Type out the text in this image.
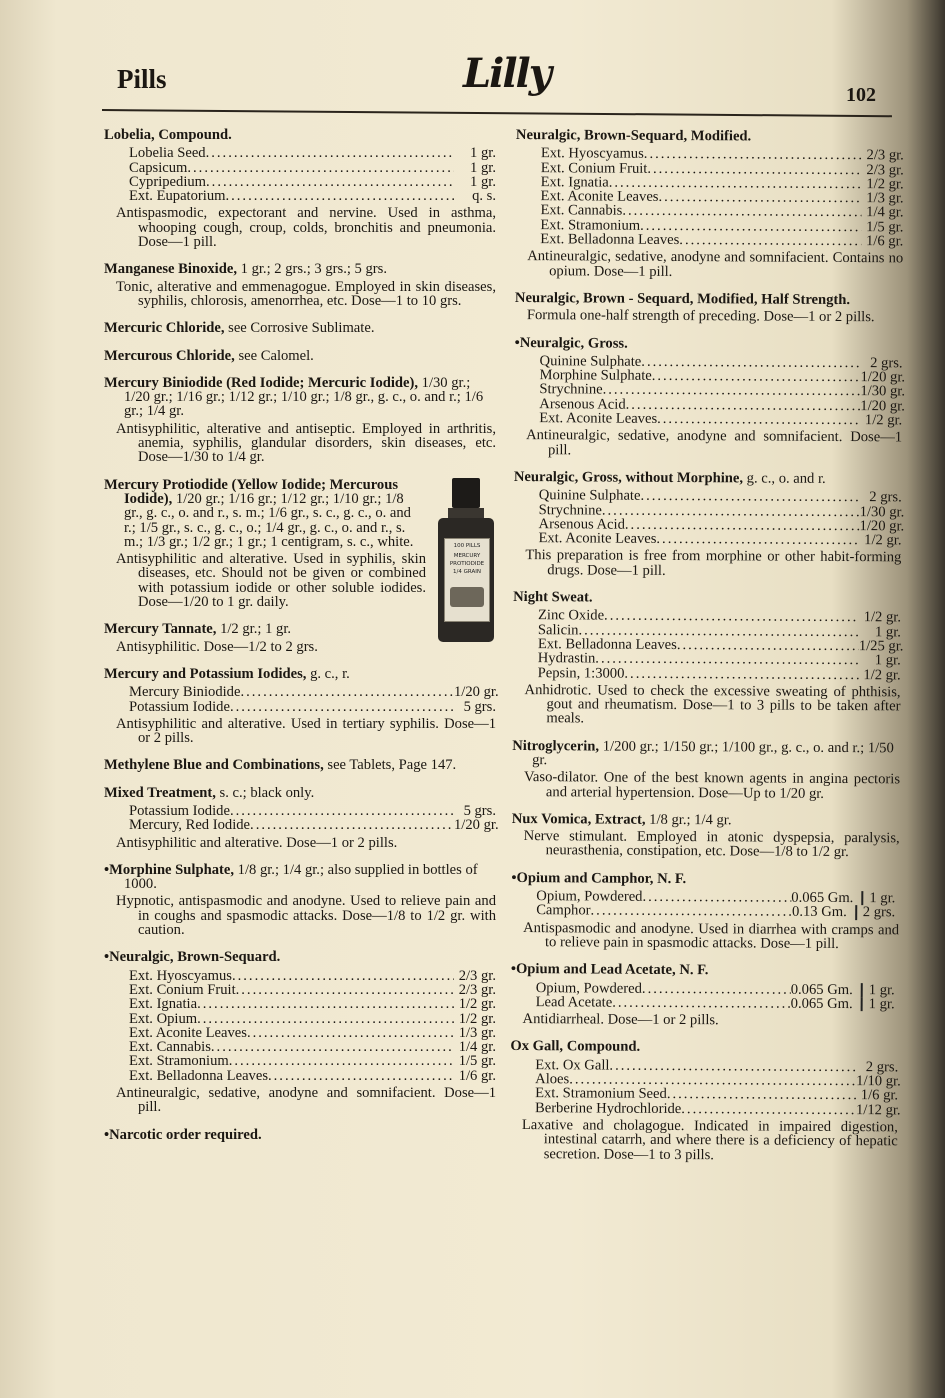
Pills	Lilly	102
Lobelia, Compound.
Lobelia Seed .....	1 gr.
Capsicum .....	1 gr.
Cypripedium .....	1 gr.
Ext. Eupatorium .....	q. s.
Antispasmodic, expectorant and nervine. Used in asthma, whooping cough, croup, colds, bronchitis and pneumonia. Dose—1 pill.
Manganese Binoxide, 1 gr.; 2 grs.; 3 grs.; 5 grs.
Tonic, alterative and emmenagogue. Employed in skin diseases, syphilis, chlorosis, amenorrhea, etc. Dose—1 to 10 grs.
Mercuric Chloride, see Corrosive Sublimate.
Mercurous Chloride, see Calomel.
Mercury Biniodide (Red Iodide; Mercuric Iodide), 1/30 gr.; 1/20 gr.; 1/16 gr.; 1/12 gr.; 1/10 gr.; 1/8 gr., g. c., o. and r.; 1/6 gr.; 1/4 gr.
Antisyphilitic, alterative and antiseptic. Employed in arthritis, anemia, syphilis, glandular disorders, skin diseases, etc. Dose—1/30 to 1/4 gr.
100 PILLS
MERCURY
PROTIODIDE
1/4 GRAIN
Mercury Protiodide (Yellow Iodide; Mercurous Iodide), 1/20 gr.; 1/16 gr.; 1/12 gr.; 1/10 gr.; 1/8 gr., g. c., o. and r., s. m.; 1/6 gr., s. c., g. c., o. and r.; 1/5 gr., s. c., g. c., o.; 1/4 gr., g. c., o. and r., s. m.; 1/3 gr.; 1/2 gr.; 1 gr.; 1 centigram, s. c., white.
Antisyphilitic and alterative. Used in syphilis, skin diseases, etc. Should not be given or combined with potassium iodide or other soluble iodides. Dose—1/20 to 1 gr. daily.
Mercury Tannate, 1/2 gr.; 1 gr.
Antisyphilitic. Dose—1/2 to 2 grs.
Mercury and Potassium Iodides, g. c., r.
Mercury Biniodide .....	1/20 gr.
Potassium Iodide .....	5 grs.
Antisyphilitic and alterative. Used in tertiary syphilis. Dose—1 or 2 pills.
Methylene Blue and Combinations, see Tablets, Page 147.
Mixed Treatment, s. c.; black only.
Potassium Iodide .....	5 grs.
Mercury, Red Iodide .....	1/20 gr.
Antisyphilitic and alterative. Dose—1 or 2 pills.
•Morphine Sulphate, 1/8 gr.; 1/4 gr.; also supplied in bottles of 1000.
Hypnotic, antispasmodic and anodyne. Used to relieve pain and in coughs and spasmodic attacks. Dose—1/8 to 1/2 gr. with caution.
•Neuralgic, Brown-Sequard.
Ext. Hyoscyamus .....	2/3 gr.
Ext. Conium Fruit .....	2/3 gr.
Ext. Ignatia .....	1/2 gr.
Ext. Opium .....	1/2 gr.
Ext. Aconite Leaves .....	1/3 gr.
Ext. Cannabis .....	1/4 gr.
Ext. Stramonium .....	1/5 gr.
Ext. Belladonna Leaves .....	1/6 gr.
Antineuralgic, sedative, anodyne and somnifacient. Dose—1 pill.
•Narcotic order required.
Neuralgic, Brown-Sequard, Modified.
Ext. Hyoscyamus .....	2/3 gr.
Ext. Conium Fruit .....	2/3 gr.
Ext. Ignatia .....	1/2 gr.
Ext. Aconite Leaves .....	1/3 gr.
Ext. Cannabis .....	1/4 gr.
Ext. Stramonium .....	1/5 gr.
Ext. Belladonna Leaves .....	1/6 gr.
Antineuralgic, sedative, anodyne and somnifacient. Contains no opium. Dose—1 pill.
Neuralgic, Brown - Sequard, Modified, Half Strength.
Formula one-half strength of preceding. Dose—1 or 2 pills.
•Neuralgic, Gross.
Quinine Sulphate .....	2 grs.
Morphine Sulphate .....	1/20 gr.
Strychnine .....	1/30 gr.
Arsenous Acid .....	1/20 gr.
Ext. Aconite Leaves .....	1/2 gr.
Antineuralgic, sedative, anodyne and somnifacient. Dose—1 pill.
Neuralgic, Gross, without Morphine, g. c., o. and r.
Quinine Sulphate .....	2 grs.
Strychnine .....	1/30 gr.
Arsenous Acid .....	1/20 gr.
Ext. Aconite Leaves .....	1/2 gr.
This preparation is free from morphine or other habit-forming drugs. Dose—1 pill.
Night Sweat.
Zinc Oxide .....	1/2 gr.
Salicin .....	1 gr.
Ext. Belladonna Leaves .....	1/25 gr.
Hydrastin .....	1 gr.
Pepsin, 1:3000 .....	1/2 gr.
Anhidrotic. Used to check the excessive sweating of phthisis, gout and rheumatism. Dose—1 to 3 pills to be taken after meals.
Nitroglycerin, 1/200 gr.; 1/150 gr.; 1/100 gr., g. c., o. and r.; 1/50 gr.
Vaso-dilator. One of the best known agents in angina pectoris and arterial hypertension. Dose—Up to 1/20 gr.
Nux Vomica, Extract, 1/8 gr.; 1/4 gr.
Nerve stimulant. Employed in atonic dyspepsia, paralysis, neurasthenia, constipation, etc. Dose—1/8 to 1/2 gr.
•Opium and Camphor, N. F.
Opium, Powdered .....	0.065 Gm.	1 gr.
Camphor .....	0.13 Gm.	2 grs.
Antispasmodic and anodyne. Used in diarrhea with cramps and to relieve pain in spasmodic attacks. Dose—1 pill.
•Opium and Lead Acetate, N. F.
Opium, Powdered .....	0.065 Gm.	1 gr.
Lead Acetate .....	0.065 Gm.	1 gr.
Antidiarrheal. Dose—1 or 2 pills.
Ox Gall, Compound.
Ext. Ox Gall .....	2 grs.
Aloes .....	1/10 gr.
Ext. Stramonium Seed .....	1/6 gr.
Berberine Hydrochloride .....	1/12 gr.
Laxative and cholagogue. Indicated in impaired digestion, intestinal catarrh, and where there is a deficiency of hepatic secretion. Dose—1 to 3 pills.
